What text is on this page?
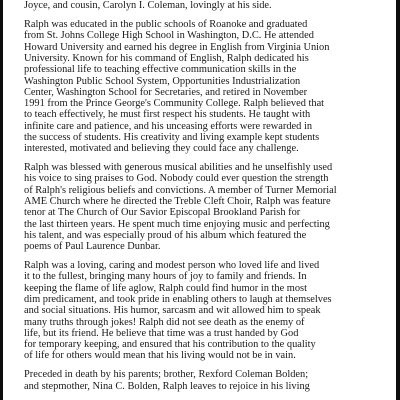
Joyce, and cousin, Carolyn I. Coleman, lovingly at his side.

Ralph was educated in the public schools of Roanoke and graduated
from St. Johns College High School in Washington, D.C. He attended
Howard University and earned his degree in English from Virginia Union
University. Known for his command of English, Ralph dedicated his
professional life to teaching effective communication skills in the
Washington Public School System, Opportunities Industrialization
Center, Washington School for Secretaries, and retired in November
1991 from the Prince George's Community College. Ralph believed that
to teach effectively, he must first respect his students. He taught with
infinite care and patience, and his unceasing efforts were rewarded in
the success of students. His creativity and living example kept students
interested, motivated and believing they could face any challenge.

Ralph was blessed with generous musical abilities and he unselfishly used
his voice to sing praises to God. Nobody could ever question the strength
of Ralph's religious beliefs and convictions. A member of Turner Memorial
AME Church where he directed the Treble Cleft Choir, Ralph was feature
tenor at The Church of Our Savior Episcopal Brookland Parish for
the last thirteen years. He spent much time enjoying music and perfecting
his talent, and was especially proud of his album which featured the
poems of Paul Laurence Dunbar.

Ralph was a loving, caring and modest person who loved life and lived
it to the fullest, bringing many hours of joy to family and friends. In
keeping the flame of life aglow, Ralph could find humor in the most
dim predicament, and took pride in enabling others to laugh at themselves
and social situations. His humor, sarcasm and wit allowed him to speak
many truths through jokes! Ralph did not see death as the enemy of
life, but its friend. He believe that time was a trust handed by God
for temporary keeping, and ensured that his contribution to the quality
of life for others would mean that his living would not be in vain.

Preceded in death by his parents; brother, Rexford Coleman Bolden;
and stepmother, Nina C. Bolden, Ralph leaves to rejoice in his living
